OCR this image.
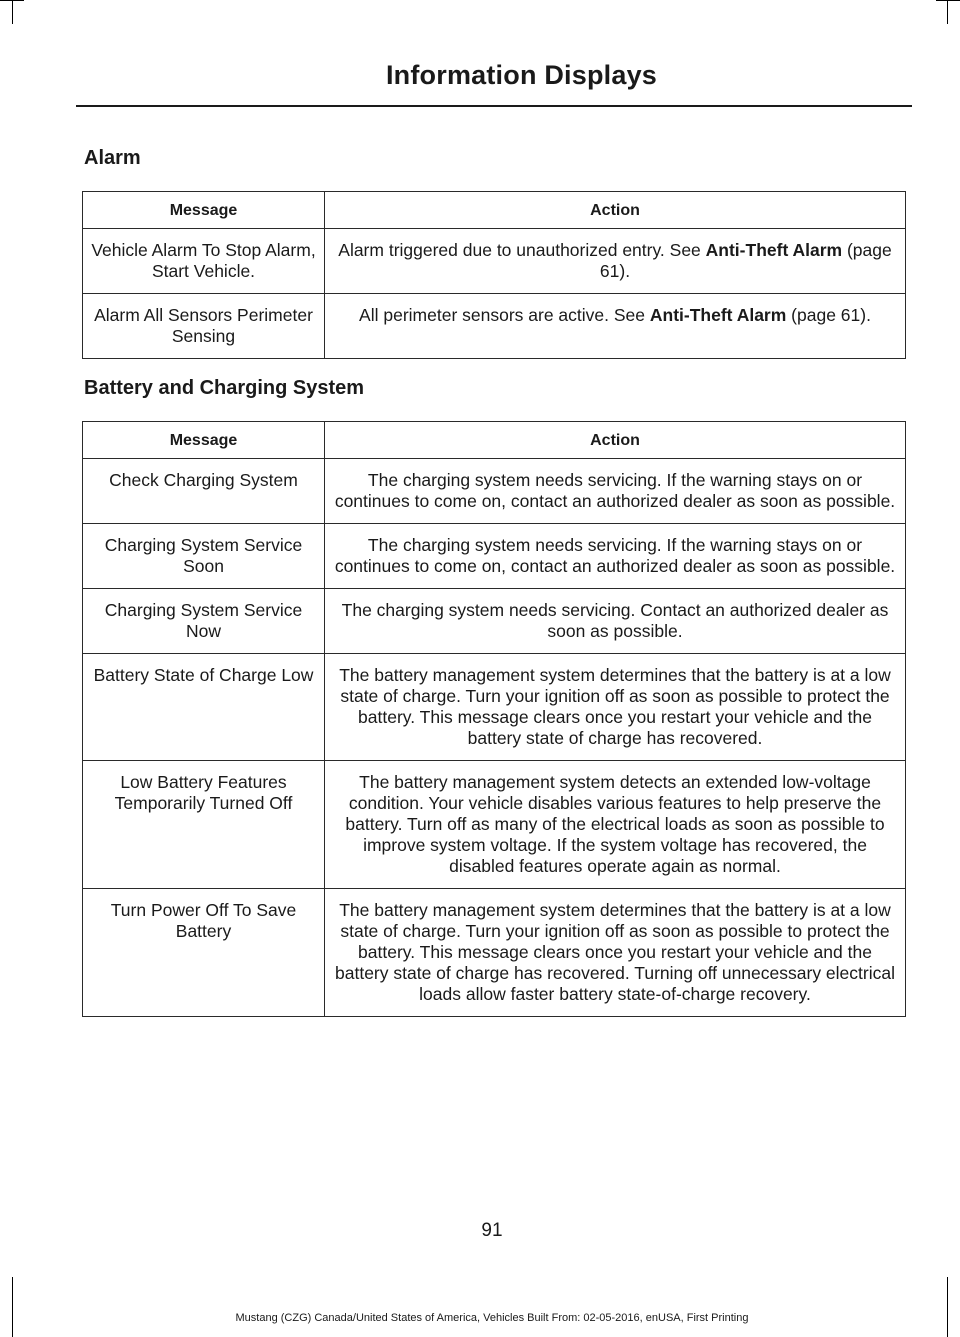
Information Displays
Alarm
Message	Action
Vehicle Alarm To Stop Alarm, Start Vehicle.	Alarm triggered due to unauthorized entry. See Anti-Theft Alarm (page 61).
Alarm All Sensors Perimeter Sensing	All perimeter sensors are active. See Anti-Theft Alarm (page 61).
Battery and Charging System
Message	Action
Check Charging System	The charging system needs servicing. If the warning stays on or continues to come on, contact an authorized dealer as soon as possible.
Charging System Service Soon	The charging system needs servicing. If the warning stays on or continues to come on, contact an authorized dealer as soon as possible.
Charging System Service Now	The charging system needs servicing. Contact an authorized dealer as soon as possible.
Battery State of Charge Low	The battery management system determines that the battery is at a low state of charge. Turn your ignition off as soon as possible to protect the battery. This message clears once you restart your vehicle and the battery state of charge has recovered.
Low Battery Features Temporarily Turned Off	The battery management system detects an extended low-voltage condition. Your vehicle disables various features to help preserve the battery. Turn off as many of the electrical loads as soon as possible to improve system voltage. If the system voltage has recovered, the disabled features operate again as normal.
Turn Power Off To Save Battery	The battery management system determines that the battery is at a low state of charge. Turn your ignition off as soon as possible to protect the battery. This message clears once you restart your vehicle and the battery state of charge has recovered. Turning off unnecessary electrical loads allow faster battery state-of-charge recovery.
91
Mustang (CZG) Canada/United States of America, Vehicles Built From: 02-05-2016, enUSA, First Printing
